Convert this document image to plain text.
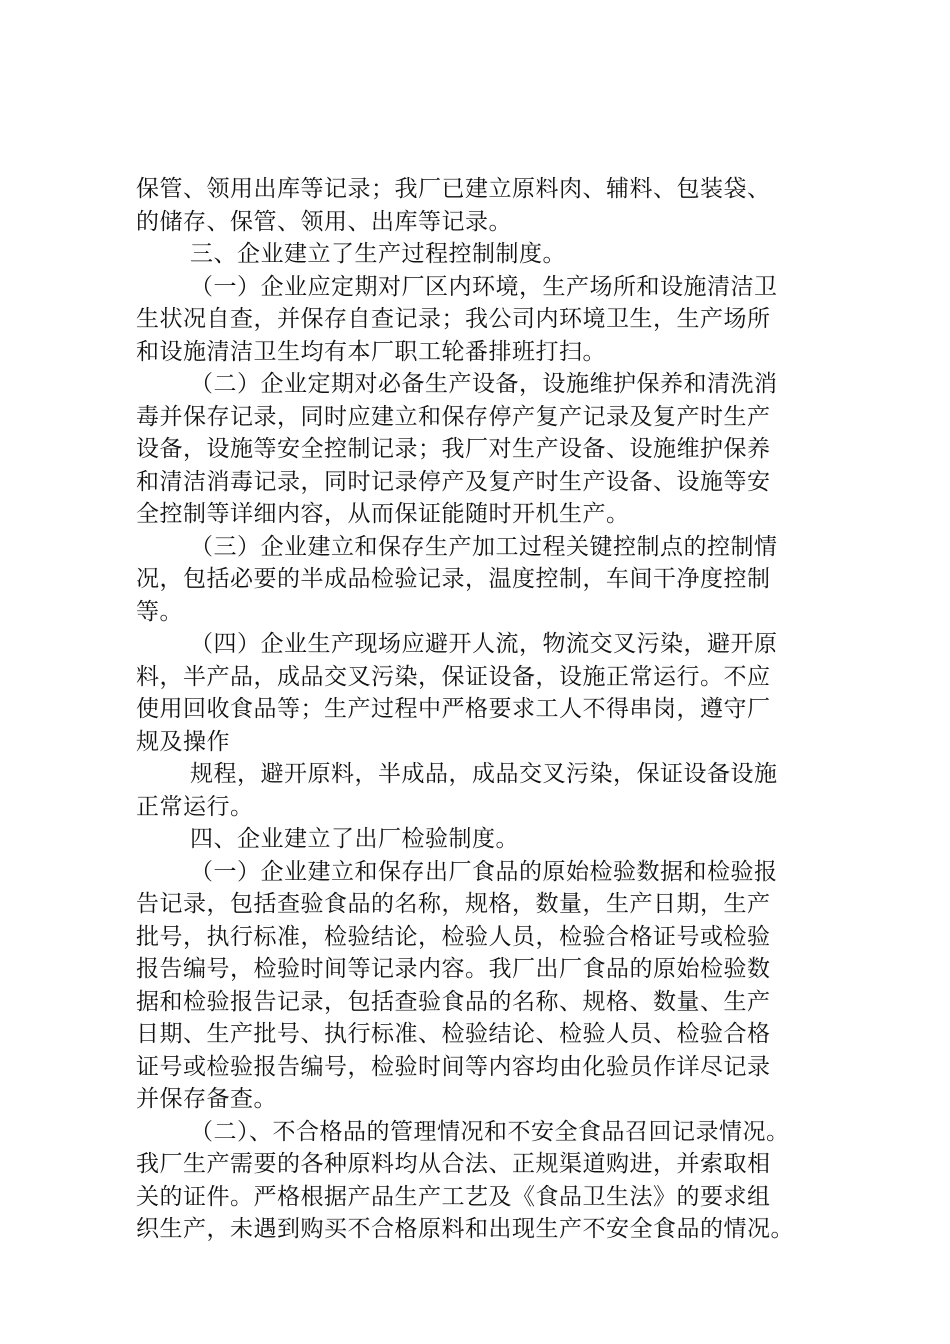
保管、领用出库等记录；我厂已建立原料肉、辅料、包装袋、
的储存、保管、领用、出库等记录。
三、企业建立了生产过程控制制度。
（一）企业应定期对厂区内环境，生产场所和设施清洁卫
生状况自查，并保存自查记录；我公司内环境卫生，生产场所
和设施清洁卫生均有本厂职工轮番排班打扫。
（二）企业定期对必备生产设备，设施维护保养和清洗消
毒并保存记录，同时应建立和保存停产复产记录及复产时生产
设备，设施等安全控制记录；我厂对生产设备、设施维护保养
和清洁消毒记录，同时记录停产及复产时生产设备、设施等安
全控制等详细内容，从而保证能随时开机生产。
（三）企业建立和保存生产加工过程关键控制点的控制情
况，包括必要的半成品检验记录，温度控制，车间干净度控制
等。
（四）企业生产现场应避开人流，物流交叉污染，避开原
料，半产品，成品交叉污染，保证设备，设施正常运行。不应
使用回收食品等；生产过程中严格要求工人不得串岗，遵守厂
规及操作
规程，避开原料，半成品，成品交叉污染，保证设备设施
正常运行。
四、企业建立了出厂检验制度。
（一）企业建立和保存出厂食品的原始检验数据和检验报
告记录，包括查验食品的名称，规格，数量，生产日期，生产
批号，执行标准，检验结论，检验人员，检验合格证号或检验
报告编号，检验时间等记录内容。我厂出厂食品的原始检验数
据和检验报告记录，包括查验食品的名称、规格、数量、生产
日期、生产批号、执行标准、检验结论、检验人员、检验合格
证号或检验报告编号，检验时间等内容均由化验员作详尽记录
并保存备查。
（二）、不合格品的管理情况和不安全食品召回记录情况。
我厂生产需要的各种原料均从合法、正规渠道购进，并索取相
关的证件。严格根据产品生产工艺及《食品卫生法》的要求组
织生产，未遇到购买不合格原料和出现生产不安全食品的情况。
